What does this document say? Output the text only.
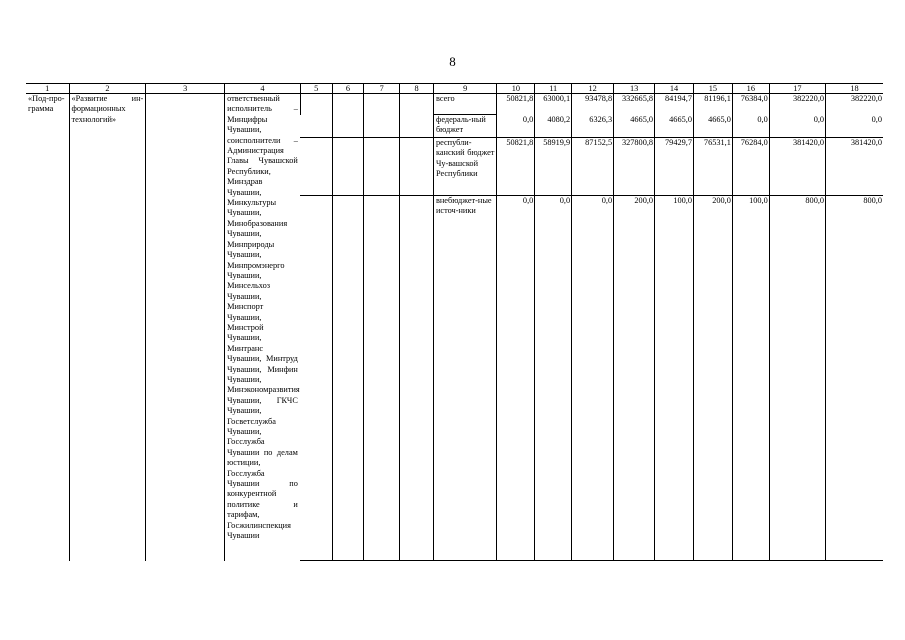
8
1	2	3	4	5	6	7	8	9	10	11	12	13	14	15	16	17	18
«Под-про-грамма	«Развитие ин-формационных технологий»		ответственный исполнитель – Минцифры Чувашии, соисполнители – Администрация Главы Чувашской Республики, Минздрав Чувашии, Минкультуры Чувашии, Минобразования Чувашии, Минприроды Чувашии, Минпромэнерго Чувашии, Минсельхоз Чувашии, Минспорт Чувашии, Минстрой Чувашии, Минтранс Чувашии, Минтруд Чувашии, Минфин Чувашии, Минэкономразвития Чувашии, ГКЧС Чувашии, Госветслужба Чувашии, Госслужба Чувашии по делам юстиции, Госслужба Чувашии по конкурентной политике и тарифам, Госжилинспекция Чувашии					всего	50821,8	63000,1	93478,8	332665,8	84194,7	81196,1	76384,0	382220,0	382220,0
								федераль-ный бюджет	0,0	4080,2	6326,3	4665,0	4665,0	4665,0	0,0	0,0	0,0
								республи-канский бюджет Чу-вашской Республики	50821,8	58919,9	87152,5	327800,8	79429,7	76531,1	76284,0	381420,0	381420,0
								внебюджет-ные источ-ники	0,0	0,0	0,0	200,0	100,0	200,0	100,0	800,0	800,0
